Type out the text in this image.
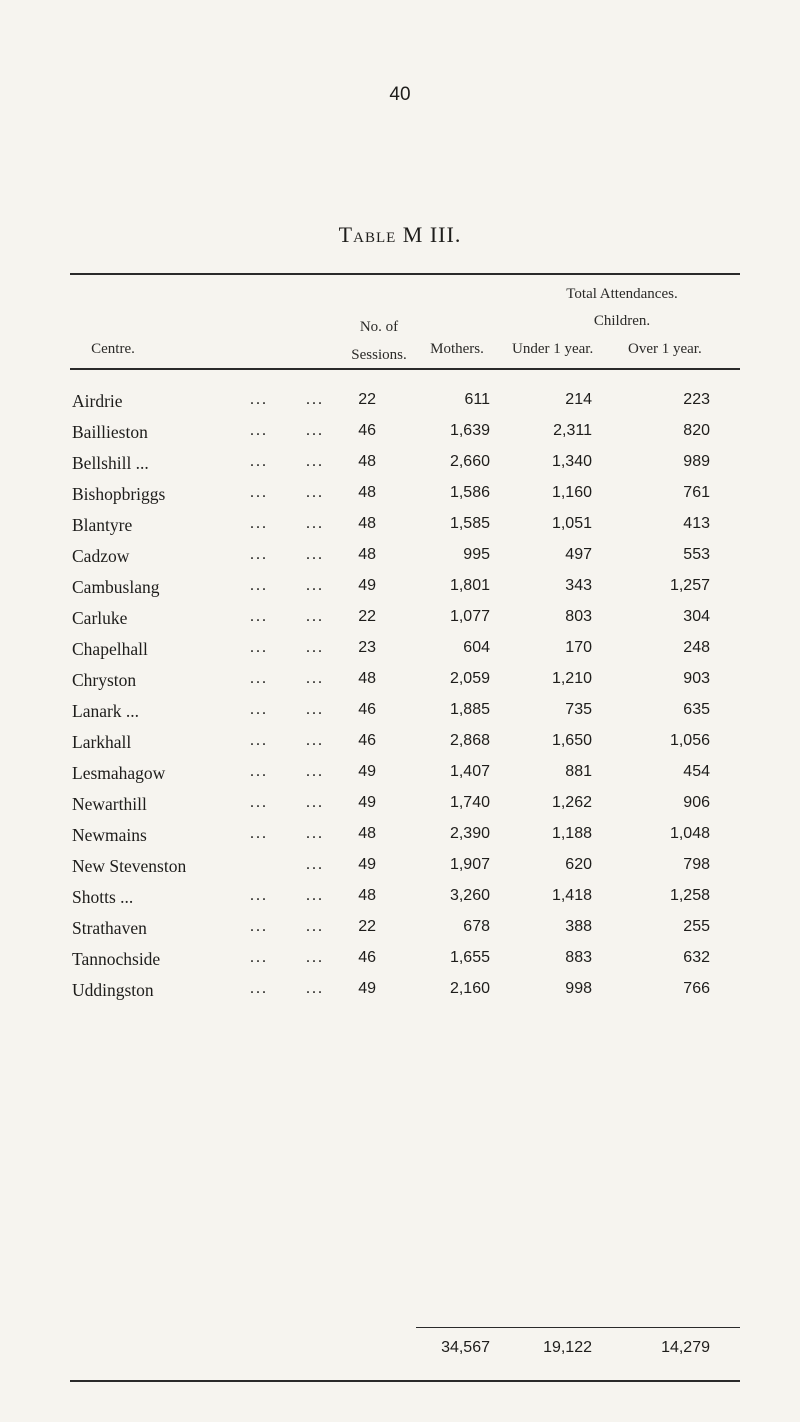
40
Table M III.
Centre.
No. of
Sessions.	Mothers.
Total Attendances.
Children.
Under 1 year.	Over 1 year.
Airdrie	... ...	22	611	214	223
Baillieston	... ...	46	1,639	2,311	820
Bellshill ...	... ...	48	2,660	1,340	989
Bishopbriggs	... ...	48	1,586	1,160	761
Blantyre	... ...	48	1,585	1,051	413
Cadzow	... ...	48	995	497	553
Cambuslang	... ...	49	1,801	343	1,257
Carluke	... ...	22	1,077	803	304
Chapelhall	... ...	23	604	170	248
Chryston	... ...	48	2,059	1,210	903
Lanark ...	... ...	46	1,885	735	635
Larkhall	... ...	46	2,868	1,650	1,056
Lesmahagow	... ...	49	1,407	881	454
Newarthill	... ...	49	1,740	1,262	906
Newmains	... ...	48	2,390	1,188	1,048
New Stevenston	...	49	1,907	620	798
Shotts ...	... ...	48	3,260	1,418	1,258
Strathaven	... ...	22	678	388	255
Tannochside	... ...	46	1,655	883	632
Uddingston	... ...	49	2,160	998	766
34,567	19,122	14,279
